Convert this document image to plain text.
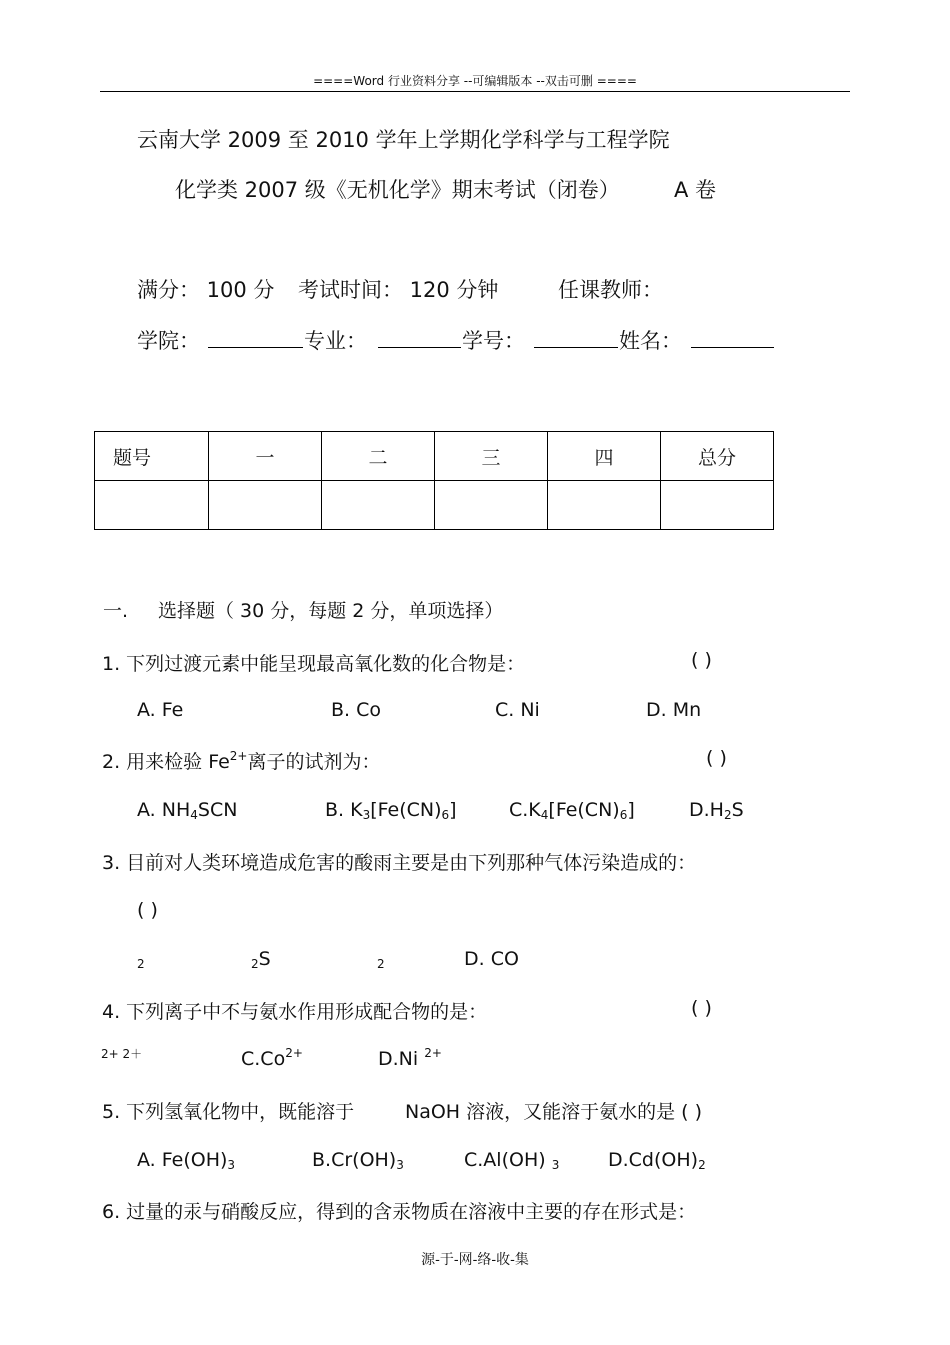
====Word 行业资料分享 --可编辑版本 --双击可删 ====
云南大学 2009 至 2010 学年上学期化学科学与工程学院
化学类 2007 级《无机化学》期末考试（闭卷）	A 卷
满分： 100 分 考试时间： 120 分钟	任课教师：
学院：	专业：	学号：	姓名：
题号	一	二	三	四	总分

一. 选择题（ 30 分，每题 2 分，单项选择）
1. 下列过渡元素中能呈现最高氧化数的化合物是：	( )
A. Fe	B. Co	C. Ni	D. Mn
2. 用来检验 $Fe^{2+}$离子的试剂为：	( )
A. $NH_4SCN$	B. $K_3[Fe(CN)_6]$	$C.K_4[Fe(CN)_6]$	$D.H_2S$
3. 目前对人类环境造成危害的酸雨主要是由下列那种气体污染造成的：
( )
2	$_2$S	2	D. CO
4. 下列离子中不与氨水作用形成配合物的是：	( )
2+ 2＋	$C.Co^{2+}$	D.Ni $^{2+}$
5. 下列氢氧化物中，既能溶于	NaOH 溶液，又能溶于氨水的是 ( )
A. $Fe(OH)_3$	$B.Cr(OH)_3$	C.Al(OH) $_3$	$D.Cd(OH)_2$
6. 过量的汞与硝酸反应，得到的含汞物质在溶液中主要的存在形式是：
源-于-网-络-收-集
